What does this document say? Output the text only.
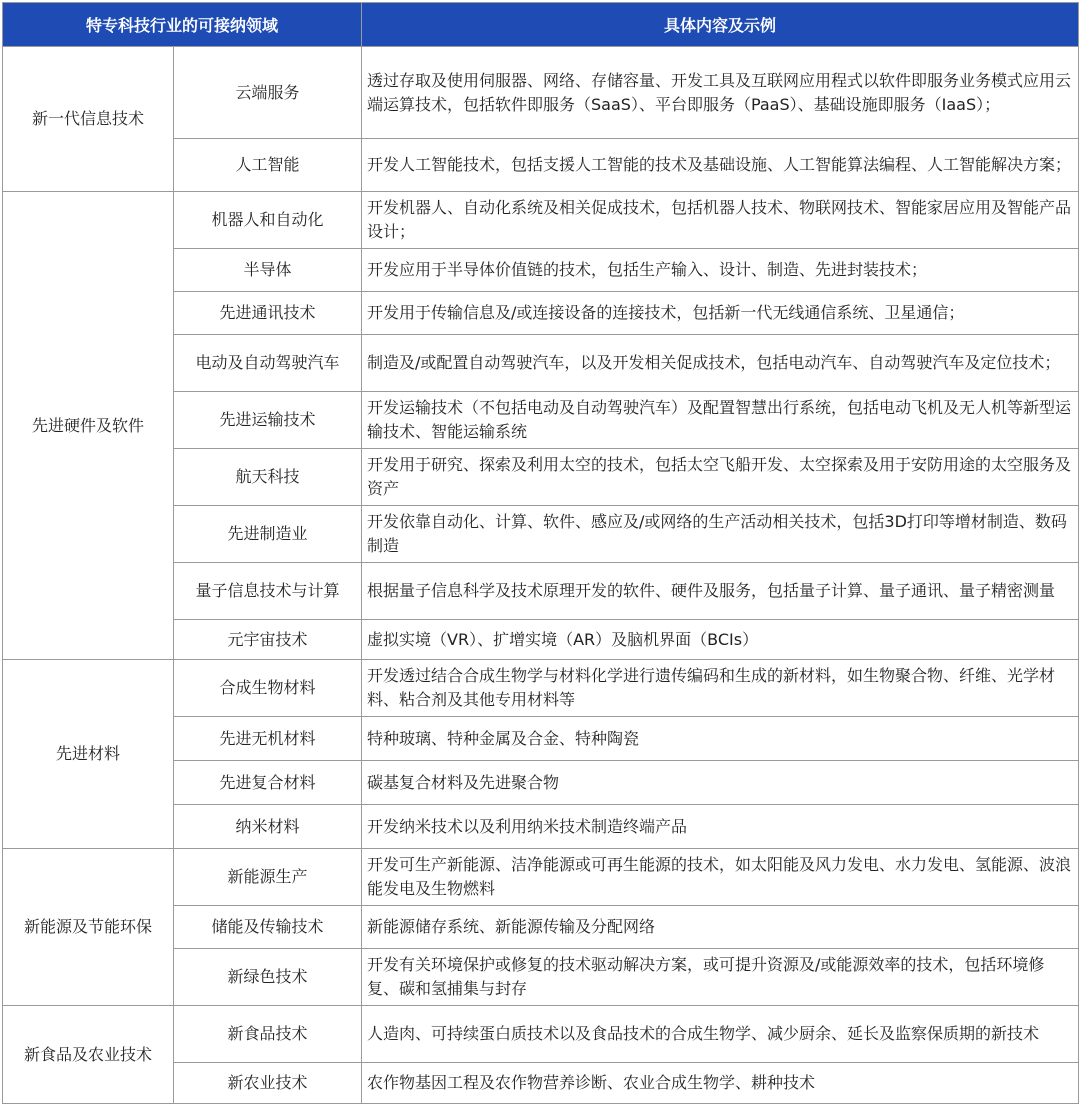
特专科技行业的可接纳领域		具体内容及示例
新一代信息技术	云端服务	透过存取及使用伺服器、网络、存储容量、开发工具及互联网应用程式以软件即服务业务模式应用云端运算技术，包括软件即服务（SaaS）、平台即服务（PaaS）、基础设施即服务（IaaS）；
	人工智能	开发人工智能技术，包括支援人工智能的技术及基础设施、人工智能算法编程、人工智能解决方案；
先进硬件及软件	机器人和自动化	开发机器人、自动化系统及相关促成技术，包括机器人技术、物联网技术、智能家居应用及智能产品设计；
	半导体	开发应用于半导体价值链的技术，包括生产输入、设计、制造、先进封装技术；
	先进通讯技术	开发用于传输信息及/或连接设备的连接技术，包括新一代无线通信系统、卫星通信；
	电动及自动驾驶汽车	制造及/或配置自动驾驶汽车，以及开发相关促成技术，包括电动汽车、自动驾驶汽车及定位技术；
	先进运输技术	开发运输技术（不包括电动及自动驾驶汽车）及配置智慧出行系统，包括电动飞机及无人机等新型运输技术、智能运输系统
	航天科技	开发用于研究、探索及利用太空的技术，包括太空飞船开发、太空探索及用于安防用途的太空服务及资产
	先进制造业	开发依靠自动化、计算、软件、感应及/或网络的生产活动相关技术，包括3D打印等增材制造、数码制造
	量子信息技术与计算	根据量子信息科学及技术原理开发的软件、硬件及服务，包括量子计算、量子通讯、量子精密测量
	元宇宙技术	虚拟实境（VR）、扩增实境（AR）及脑机界面（BCIs）
先进材料	合成生物材料	开发透过结合合成生物学与材料化学进行遗传编码和生成的新材料，如生物聚合物、纤维、光学材料、粘合剂及其他专用材料等
	先进无机材料	特种玻璃、特种金属及合金、特种陶瓷
	先进复合材料	碳基复合材料及先进聚合物
	纳米材料	开发纳米技术以及利用纳米技术制造终端产品
新能源及节能环保	新能源生产	开发可生产新能源、洁净能源或可再生能源的技术，如太阳能及风力发电、水力发电、氢能源、波浪能发电及生物燃料
	储能及传输技术	新能源储存系统、新能源传输及分配网络
	新绿色技术	开发有关环境保护或修复的技术驱动解决方案，或可提升资源及/或能源效率的技术，包括环境修复、碳和氢捕集与封存
新食品及农业技术	新食品技术	人造肉、可持续蛋白质技术以及食品技术的合成生物学、减少厨余、延长及监察保质期的新技术
	新农业技术	农作物基因工程及农作物营养诊断、农业合成生物学、耕种技术
